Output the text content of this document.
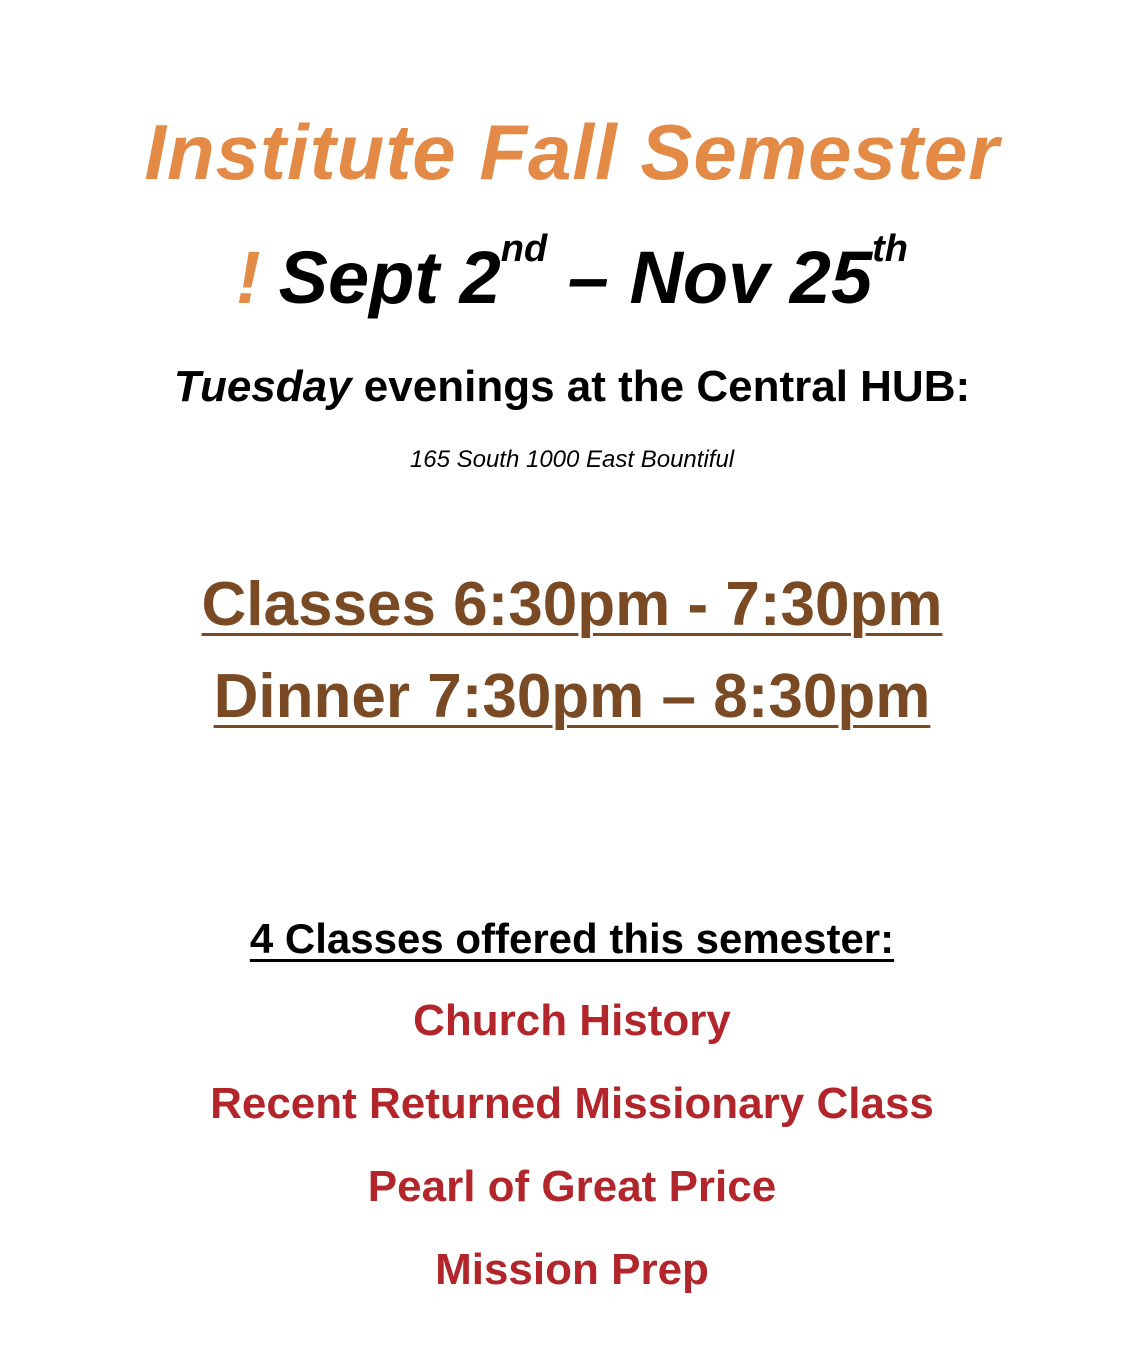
Institute Fall Semester
! Sept 2nd – Nov 25th
Tuesday evenings at the Central HUB:
165 South 1000 East Bountiful
Classes 6:30pm - 7:30pm
Dinner 7:30pm – 8:30pm
4 Classes offered this semester:
Church History
Recent Returned Missionary Class
Pearl of Great Price
Mission Prep
